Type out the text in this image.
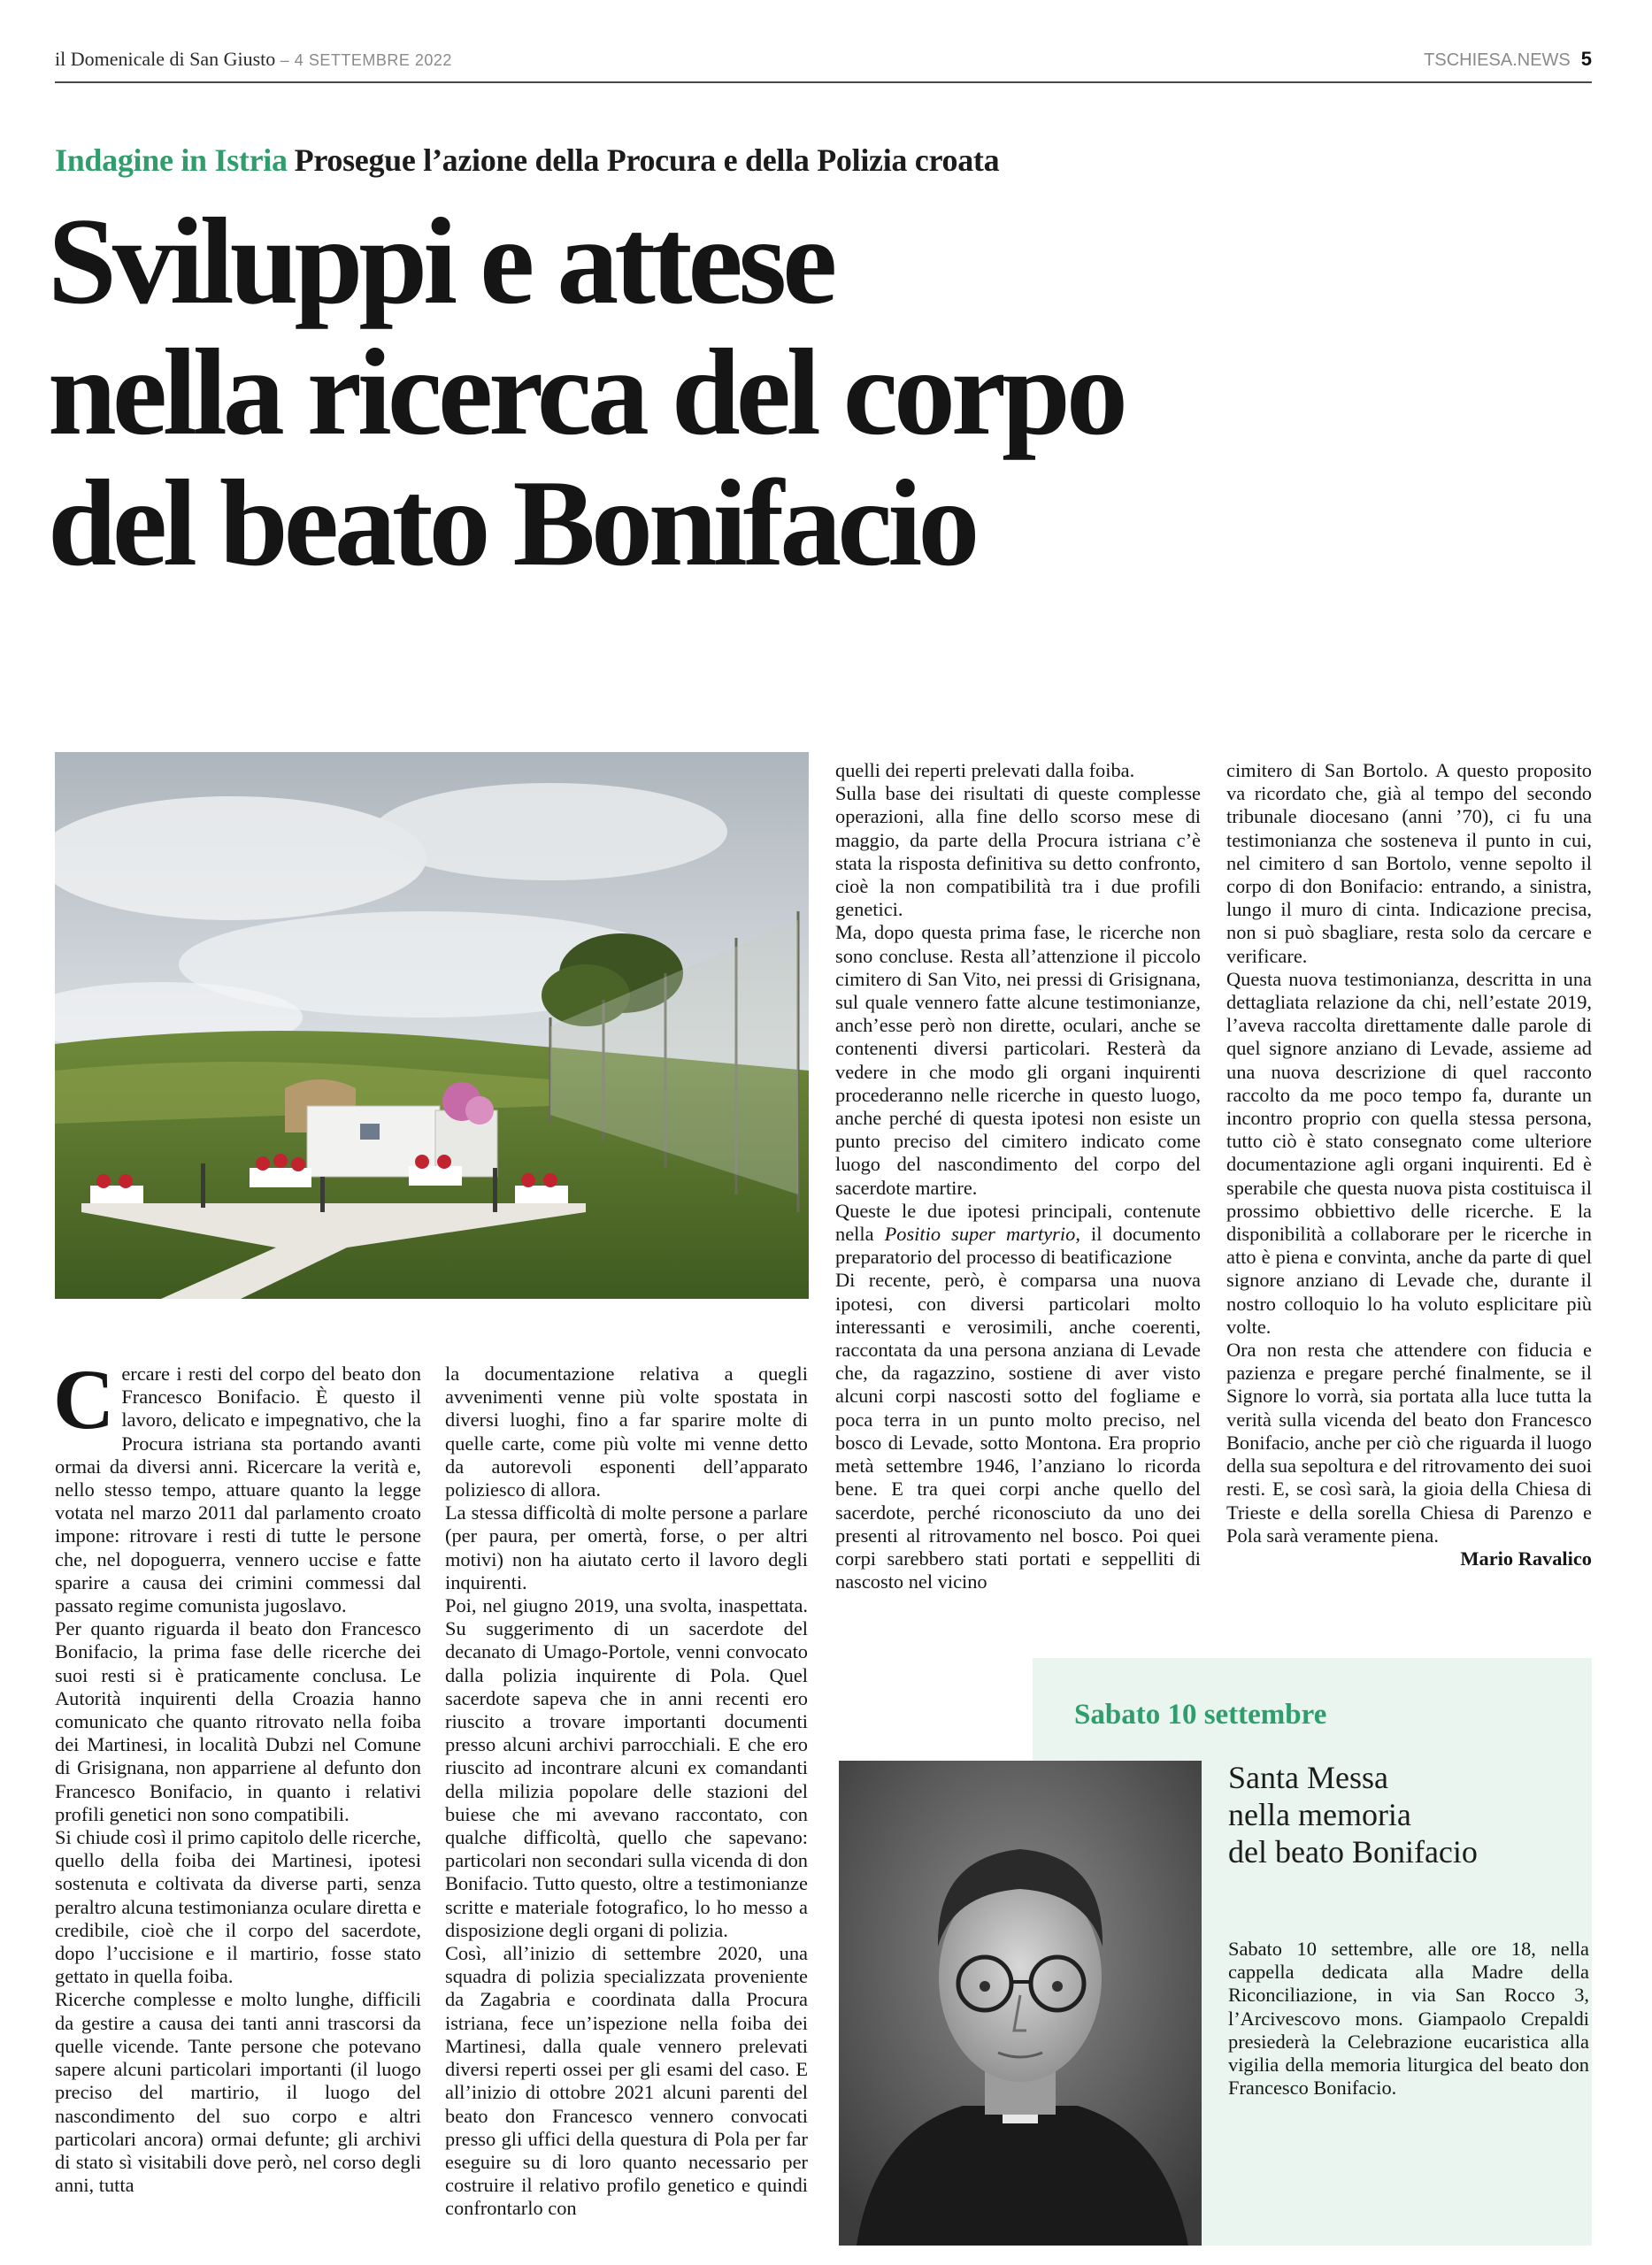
il Domenicale di San Giusto – 4 SETTEMBRE 2022	TSCHIESA.NEWS 5
Indagine in Istria Prosegue l’azione della Procura e della Polizia croata
Sviluppi e attese
nella ricerca del corpo
del beato Bonifacio

Cercare i resti del corpo del beato don Francesco Bonifacio. È questo il lavoro, delicato e impegnativo, che la Procura istriana sta portando avanti ormai da diversi anni. Ricercare la verità e, nello stesso tempo, attuare quanto la legge votata nel marzo 2011 dal parlamento croato impone: ritrovare i resti di tutte le persone che, nel dopoguerra, vennero uccise e fatte sparire a causa dei crimini commessi dal passato regime comunista jugoslavo.

Per quanto riguarda il beato don Francesco Bonifacio, la prima fase delle ricerche dei suoi resti si è praticamente conclusa. Le Autorità inquirenti della Croazia hanno comunicato che quanto ritrovato nella foiba dei Martinesi, in località Dubzi nel Comune di Grisignana, non apparriene al defunto don Francesco Bonifacio, in quanto i relativi profili genetici non sono compatibili.

Si chiude così il primo capitolo delle ricerche, quello della foiba dei Martinesi, ipotesi sostenuta e coltivata da diverse parti, senza peraltro alcuna testimonianza oculare diretta e credibile, cioè che il corpo del sacerdote, dopo l’uccisione e il martirio, fosse stato gettato in quella foiba.

Ricerche complesse e molto lunghe, difficili da gestire a causa dei tanti anni trascorsi da quelle vicende. Tante persone che potevano sapere alcuni particolari importanti (il luogo preciso del martirio, il luogo del nascondimento del suo corpo e altri particolari ancora) ormai defunte; gli archivi di stato sì visitabili dove però, nel corso degli anni, tutta

la documentazione relativa a quegli avvenimenti venne più volte spostata in diversi luoghi, fino a far sparire molte di quelle carte, come più volte mi venne detto da autorevoli esponenti dell’apparato poliziesco di allora.

La stessa difficoltà di molte persone a parlare (per paura, per omertà, forse, o per altri motivi) non ha aiutato certo il lavoro degli inquirenti.

Poi, nel giugno 2019, una svolta, inaspettata. Su suggerimento di un sacerdote del decanato di Umago-Portole, venni convocato dalla polizia inquirente di Pola. Quel sacerdote sapeva che in anni recenti ero riuscito a trovare importanti documenti presso alcuni archivi parrocchiali. E che ero riuscito ad incontrare alcuni ex comandanti della milizia popolare delle stazioni del buiese che mi avevano raccontato, con qualche difficoltà, quello che sapevano: particolari non secondari sulla vicenda di don Bonifacio. Tutto questo, oltre a testimonianze scritte e materiale fotografico, lo ho messo a disposizione degli organi di polizia.

Così, all’inizio di settembre 2020, una squadra di polizia specializzata proveniente da Zagabria e coordinata dalla Procura istriana, fece un’ispezione nella foiba dei Martinesi, dalla quale vennero prelevati diversi reperti ossei per gli esami del caso. E all’inizio di ottobre 2021 alcuni parenti del beato don Francesco vennero convocati presso gli uffici della questura di Pola per far eseguire su di loro quanto necessario per costruire il relativo profilo genetico e quindi confrontarlo con

quelli dei reperti prelevati dalla foiba.

Sulla base dei risultati di queste complesse operazioni, alla fine dello scorso mese di maggio, da parte della Procura istriana c’è stata la risposta definitiva su detto confronto, cioè la non compatibilità tra i due profili genetici.

Ma, dopo questa prima fase, le ricerche non sono concluse. Resta all’attenzione il piccolo cimitero di San Vito, nei pressi di Grisignana, sul quale vennero fatte alcune testimonianze, anch’esse però non dirette, oculari, anche se contenenti diversi particolari. Resterà da vedere in che modo gli organi inquirenti procederanno nelle ricerche in questo luogo, anche perché di questa ipotesi non esiste un punto preciso del cimitero indicato come luogo del nascondimento del corpo del sacerdote martire.

Queste le due ipotesi principali, contenute nella Positio super martyrio, il documento preparatorio del processo di beatificazione

Di recente, però, è comparsa una nuova ipotesi, con diversi particolari molto interessanti e verosimili, anche coerenti, raccontata da una persona anziana di Levade che, da ragazzino, sostiene di aver visto alcuni corpi nascosti sotto del fogliame e poca terra in un punto molto preciso, nel bosco di Levade, sotto Montona. Era proprio metà settembre 1946, l’anziano lo ricorda bene. E tra quei corpi anche quello del sacerdote, perché riconosciuto da uno dei presenti al ritrovamento nel bosco. Poi quei corpi sarebbero stati portati e seppelliti di nascosto nel vicino

cimitero di San Bortolo. A questo proposito va ricordato che, già al tempo del secondo tribunale diocesano (anni ’70), ci fu una testimonianza che sosteneva il punto in cui, nel cimitero d san Bortolo, venne sepolto il corpo di don Bonifacio: entrando, a sinistra, lungo il muro di cinta. Indicazione precisa, non si può sbagliare, resta solo da cercare e verificare.

Questa nuova testimonianza, descritta in una dettagliata relazione da chi, nell’estate 2019, l’aveva raccolta direttamente dalle parole di quel signore anziano di Levade, assieme ad una nuova descrizione di quel racconto raccolto da me poco tempo fa, durante un incontro proprio con quella stessa persona, tutto ciò è stato consegnato come ulteriore documentazione agli organi inquirenti. Ed è sperabile che questa nuova pista costituisca il prossimo obbiettivo delle ricerche. E la disponibilità a collaborare per le ricerche in atto è piena e convinta, anche da parte di quel signore anziano di Levade che, durante il nostro colloquio lo ha voluto esplicitare più volte.

Ora non resta che attendere con fiducia e pazienza e pregare perché finalmente, se il Signore lo vorrà, sia portata alla luce tutta la verità sulla vicenda del beato don Francesco Bonifacio, anche per ciò che riguarda il luogo della sua sepoltura e del ritrovamento dei suoi resti. E, se così sarà, la gioia della Chiesa di Trieste e della sorella Chiesa di Parenzo e Pola sarà veramente piena.

Mario Ravalico

Sabato 10 settembre
Santa Messa
nella memoria
del beato Bonifacio

Sabato 10 settembre, alle ore 18, nella cappella dedicata alla Madre della Riconciliazione, in via San Rocco 3, l’Arcivescovo mons. Giampaolo Crepaldi presiederà la Celebrazione eucaristica alla vigilia della memoria liturgica del beato don Francesco Bonifacio.
